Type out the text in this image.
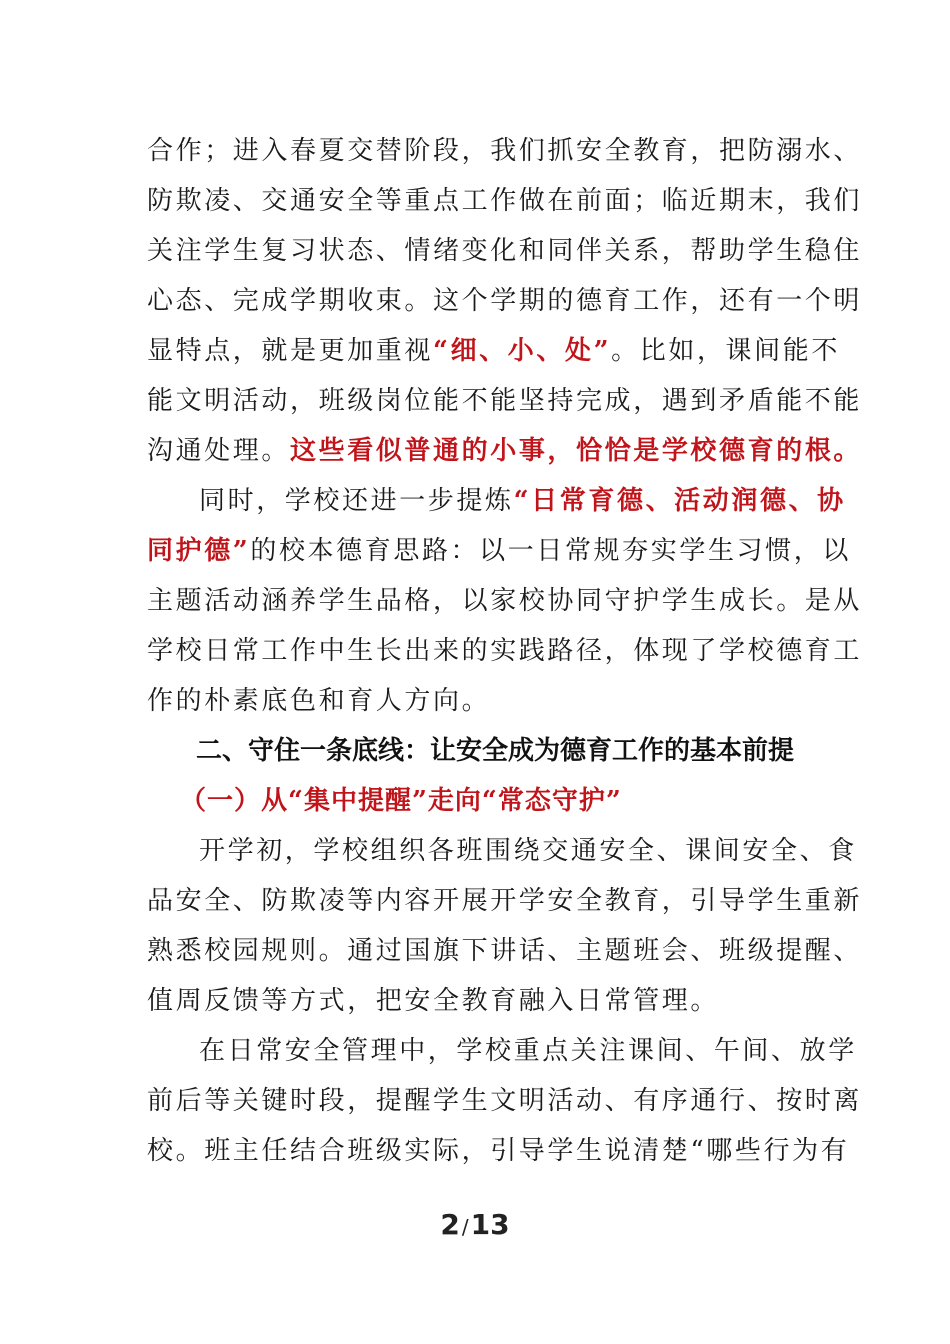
合作；进入春夏交替阶段，我们抓安全教育，把防溺水、
防欺凌、交通安全等重点工作做在前面；临近期末，我们
关注学生复习状态、情绪变化和同伴关系，帮助学生稳住
心态、完成学期收束。这个学期的德育工作，还有一个明
显特点，就是更加重视“细、小、处”。比如，课间能不
能文明活动，班级岗位能不能坚持完成，遇到矛盾能不能
沟通处理。这些看似普通的小事，恰恰是学校德育的根。
同时，学校还进一步提炼“日常育德、活动润德、协
同护德”的校本德育思路：以一日常规夯实学生习惯，以
主题活动涵养学生品格，以家校协同守护学生成长。是从
学校日常工作中生长出来的实践路径，体现了学校德育工
作的朴素底色和育人方向。
二、守住一条底线：让安全成为德育工作的基本前提
（一）从“集中提醒”走向“常态守护”
开学初，学校组织各班围绕交通安全、课间安全、食
品安全、防欺凌等内容开展开学安全教育，引导学生重新
熟悉校园规则。通过国旗下讲话、主题班会、班级提醒、
值周反馈等方式，把安全教育融入日常管理。
在日常安全管理中，学校重点关注课间、午间、放学
前后等关键时段，提醒学生文明活动、有序通行、按时离
校。班主任结合班级实际，引导学生说清楚“哪些行为有
2 /13
